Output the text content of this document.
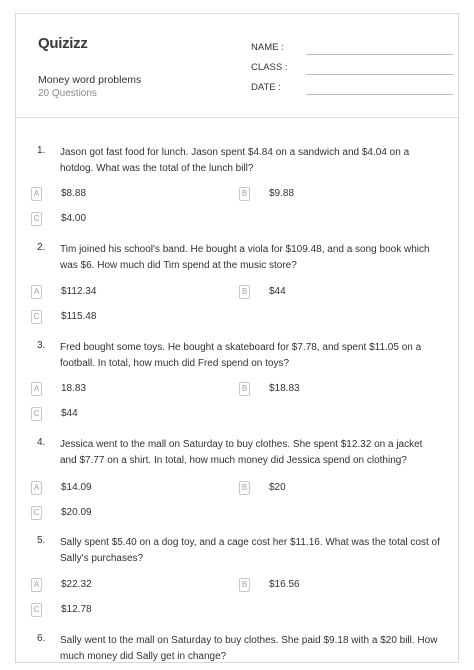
Quizizz
Money word problems
20 Questions
NAME :
CLASS :
DATE :
1. Jason got fast food for lunch. Jason spent $4.84 on a sandwich and $4.04 on a hotdog. What was the total of the lunch bill?
A $8.88	B $9.88
C $4.00
2. Tim joined his school's band. He bought a viola for $109.48, and a song book which was $6. How much did Tim spend at the music store?
A $112.34	B $44
C $115.48
3. Fred bought some toys. He bought a skateboard for $7.78, and spent $11.05 on a football. In total, how much did Fred spend on toys?
A 18.83	B $18.83
C $44
4. Jessica went to the mall on Saturday to buy clothes. She spent $12.32 on a jacket and $7.77 on a shirt. In total, how much money did Jessica spend on clothing?
A $14.09	B $20
C $20.09
5. Sally spent $5.40 on a dog toy, and a cage cost her $11.16. What was the total cost of Sally's purchases?
A $22.32	B $16.56
C $12.78
6. Sally went to the mall on Saturday to buy clothes. She paid $9.18 with a $20 bill. How much money did Sally get in change?
